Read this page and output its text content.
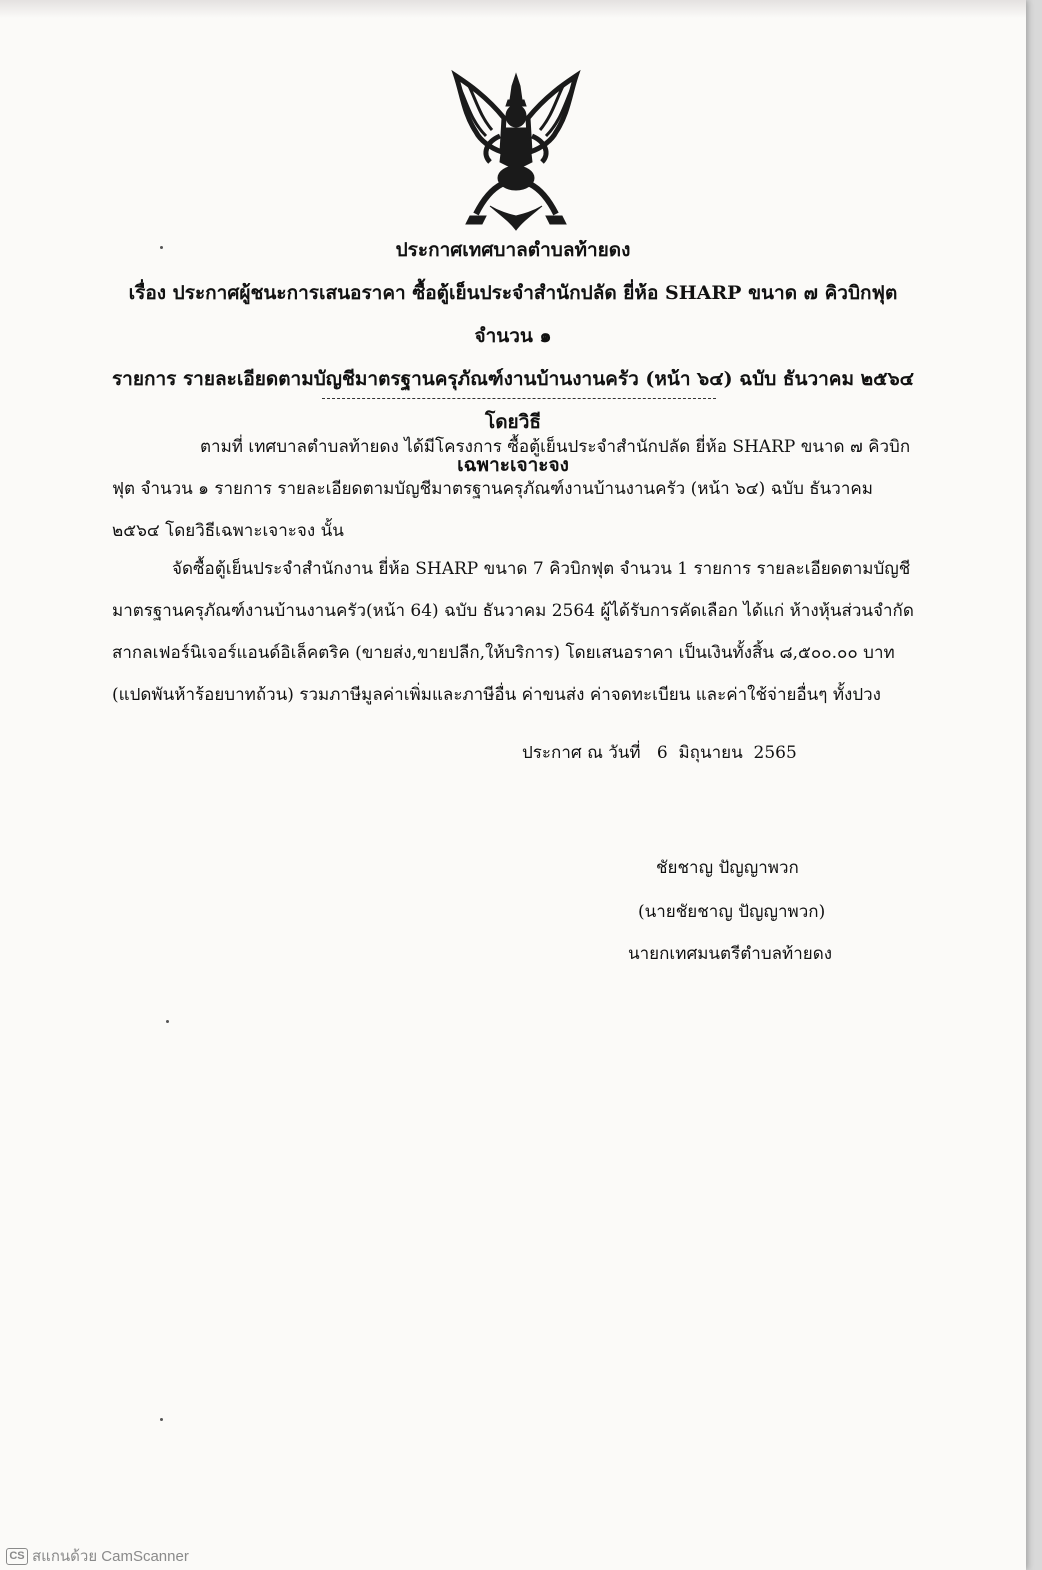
ประกาศเทศบาลตำบลท้ายดง
เรื่อง ประกาศผู้ชนะการเสนอราคา ซื้อตู้เย็นประจำสำนักปลัด ยี่ห้อ SHARP ขนาด ๗ คิวบิกฟุต จำนวน ๑
รายการ รายละเอียดตามบัญชีมาตรฐานครุภัณฑ์งานบ้านงานครัว (หน้า ๖๔) ฉบับ ธันวาคม ๒๕๖๔ โดยวิธี
เฉพาะเจาะจง

ตามที่ เทศบาลตำบลท้ายดง ได้มีโครงการ ซื้อตู้เย็นประจำสำนักปลัด ยี่ห้อ SHARP ขนาด ๗ คิวบิกฟุต จำนวน ๑ รายการ รายละเอียดตามบัญชีมาตรฐานครุภัณฑ์งานบ้านงานครัว (หน้า ๖๔) ฉบับ ธันวาคม ๒๕๖๔ โดยวิธีเฉพาะเจาะจง นั้น

จัดซื้อตู้เย็นประจำสำนักงาน ยี่ห้อ SHARP ขนาด 7 คิวบิกฟุต จำนวน 1 รายการ รายละเอียดตามบัญชีมาตรฐานครุภัณฑ์งานบ้านงานครัว(หน้า 64) ฉบับ ธันวาคม 2564 ผู้ได้รับการคัดเลือก ได้แก่ ห้างหุ้นส่วนจำกัดสากลเฟอร์นิเจอร์แอนด์อิเล็คตริค (ขายส่ง,ขายปลีก,ให้บริการ) โดยเสนอราคา เป็นเงินทั้งสิ้น ๘,๕๐๐.๐๐ บาท (แปดพันห้าร้อยบาทถ้วน) รวมภาษีมูลค่าเพิ่มและภาษีอื่น ค่าขนส่ง ค่าจดทะเบียน และค่าใช้จ่ายอื่นๆ ทั้งปวง

ประกาศ ณ วันที่   6  มิถุนายน  2565
ชัยชาญ ปัญญาพวก
(นายชัยชาญ ปัญญาพวก)
นายกเทศมนตรีตำบลท้ายดง
CS สแกนด้วย CamScanner
